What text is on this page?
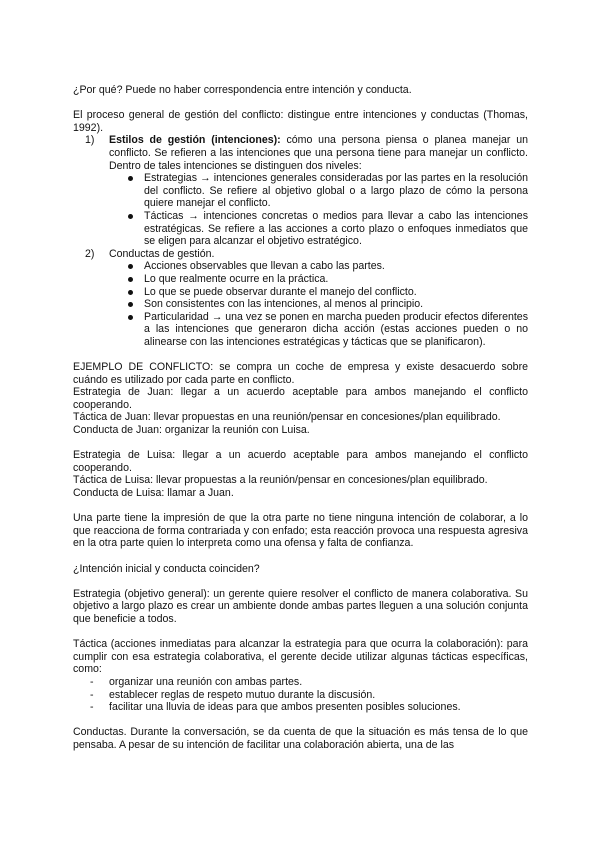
¿Por qué? Puede no haber correspondencia entre intención y conducta.

El proceso general de gestión del conflicto: distingue entre intenciones y conductas (Thomas, 1992).

1) Estilos de gestión (intenciones): cómo una persona piensa o planea manejar un conflicto. Se refieren a las intenciones que una persona tiene para manejar un conflicto. Dentro de tales intenciones se distinguen dos niveles:
Estrategias → intenciones generales consideradas por las partes en la resolución del conflicto. Se refiere al objetivo global o a largo plazo de cómo la persona quiere manejar el conflicto.
Tácticas → intenciones concretas o medios para llevar a cabo las intenciones estratégicas. Se refiere a las acciones a corto plazo o enfoques inmediatos que se eligen para alcanzar el objetivo estratégico.
2) Conductas de gestión.
Acciones observables que llevan a cabo las partes.
Lo que realmente ocurre en la práctica.
Lo que se puede observar durante el manejo del conflicto.
Son consistentes con las intenciones, al menos al principio.
Particularidad → una vez se ponen en marcha pueden producir efectos diferentes a las intenciones que generaron dicha acción (estas acciones pueden o no alinearse con las intenciones estratégicas y tácticas que se planificaron).

EJEMPLO DE CONFLICTO: se compra un coche de empresa y existe desacuerdo sobre cuándo es utilizado por cada parte en conflicto.

Estrategia de Juan: llegar a un acuerdo aceptable para ambos manejando el conflicto cooperando.

Táctica de Juan: llevar propuestas en una reunión/pensar en concesiones/plan equilibrado.

Conducta de Juan: organizar la reunión con Luisa.

Estrategia de Luisa: llegar a un acuerdo aceptable para ambos manejando el conflicto cooperando.

Táctica de Luisa: llevar propuestas a la reunión/pensar en concesiones/plan equilibrado.

Conducta de Luisa: llamar a Juan.

Una parte tiene la impresión de que la otra parte no tiene ninguna intención de colaborar, a lo que reacciona de forma contrariada y con enfado; esta reacción provoca una respuesta agresiva en la otra parte quien lo interpreta como una ofensa y falta de confianza.

¿Intención inicial y conducta coinciden?

Estrategia (objetivo general): un gerente quiere resolver el conflicto de manera colaborativa. Su objetivo a largo plazo es crear un ambiente donde ambas partes lleguen a una solución conjunta que beneficie a todos.

Táctica (acciones inmediatas para alcanzar la estrategia para que ocurra la colaboración): para cumplir con esa estrategia colaborativa, el gerente decide utilizar algunas tácticas específicas, como:

- organizar una reunión con ambas partes.
- establecer reglas de respeto mutuo durante la discusión.
- facilitar una lluvia de ideas para que ambos presenten posibles soluciones.

Conductas. Durante la conversación, se da cuenta de que la situación es más tensa de lo que pensaba. A pesar de su intención de facilitar una colaboración abierta, una de las
